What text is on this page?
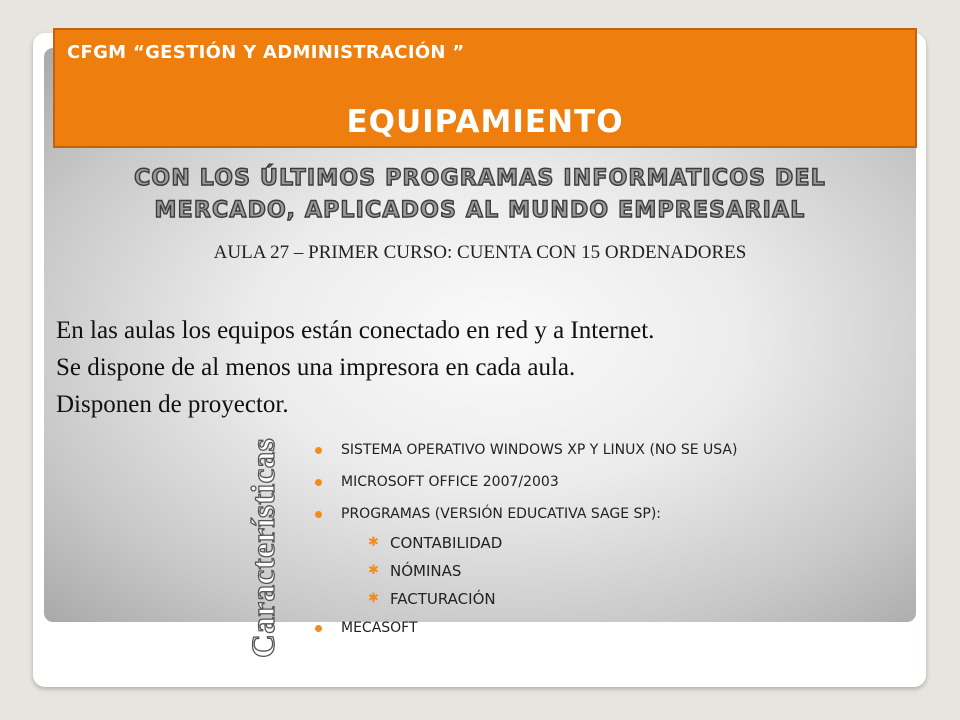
CFGM “GESTIÓN Y ADMINISTRACIÓN ”
EQUIPAMIENTO
CON LOS ÚLTIMOS PROGRAMAS INFORMATICOS DEL
MERCADO, APLICADOS AL MUNDO EMPRESARIAL
AULA 27 – PRIMER CURSO: CUENTA CON 15 ORDENADORES
En las aulas los equipos están conectado en red y a Internet.
Se dispone de al menos una impresora en cada aula.
Disponen de proyector.
Características	SISTEMA OPERATIVO WINDOWS XP Y LINUX (NO SE USA)
MICROSOFT OFFICE 2007/2003
PROGRAMAS (VERSIÓN EDUCATIVA SAGE SP):
✱ CONTABILIDAD
✱ NÓMINAS
✱ FACTURACIÓN
MECASOFT
